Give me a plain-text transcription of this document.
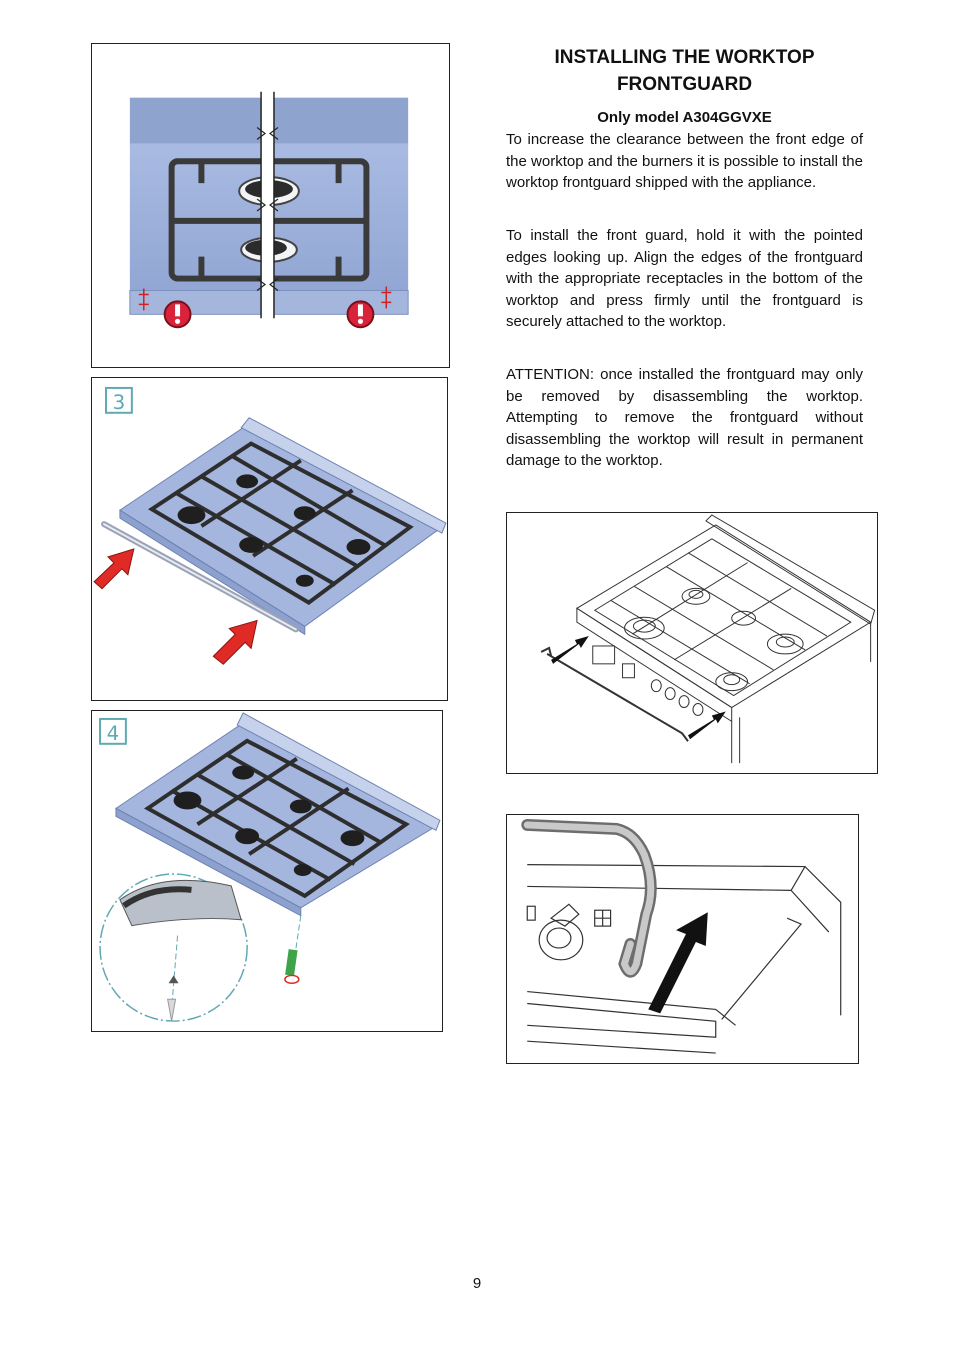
3
4
INSTALLING THE WORKTOP
FRONTGUARD
Only model A304GGVXE

To increase the clearance between the front edge of the worktop and the burners it is possible to install the worktop frontguard shipped with the appliance.

To install the front guard, hold it with the pointed edges looking up. Align the edges of the frontguard with the appropriate receptacles in the bottom of the worktop and press firmly until the frontguard is securely attached to the worktop.

ATTENTION: once installed the frontguard may only be removed by disassembling the worktop. Attempting to remove the frontguard without disassembling the worktop will result in permanent damage to the worktop.

9
